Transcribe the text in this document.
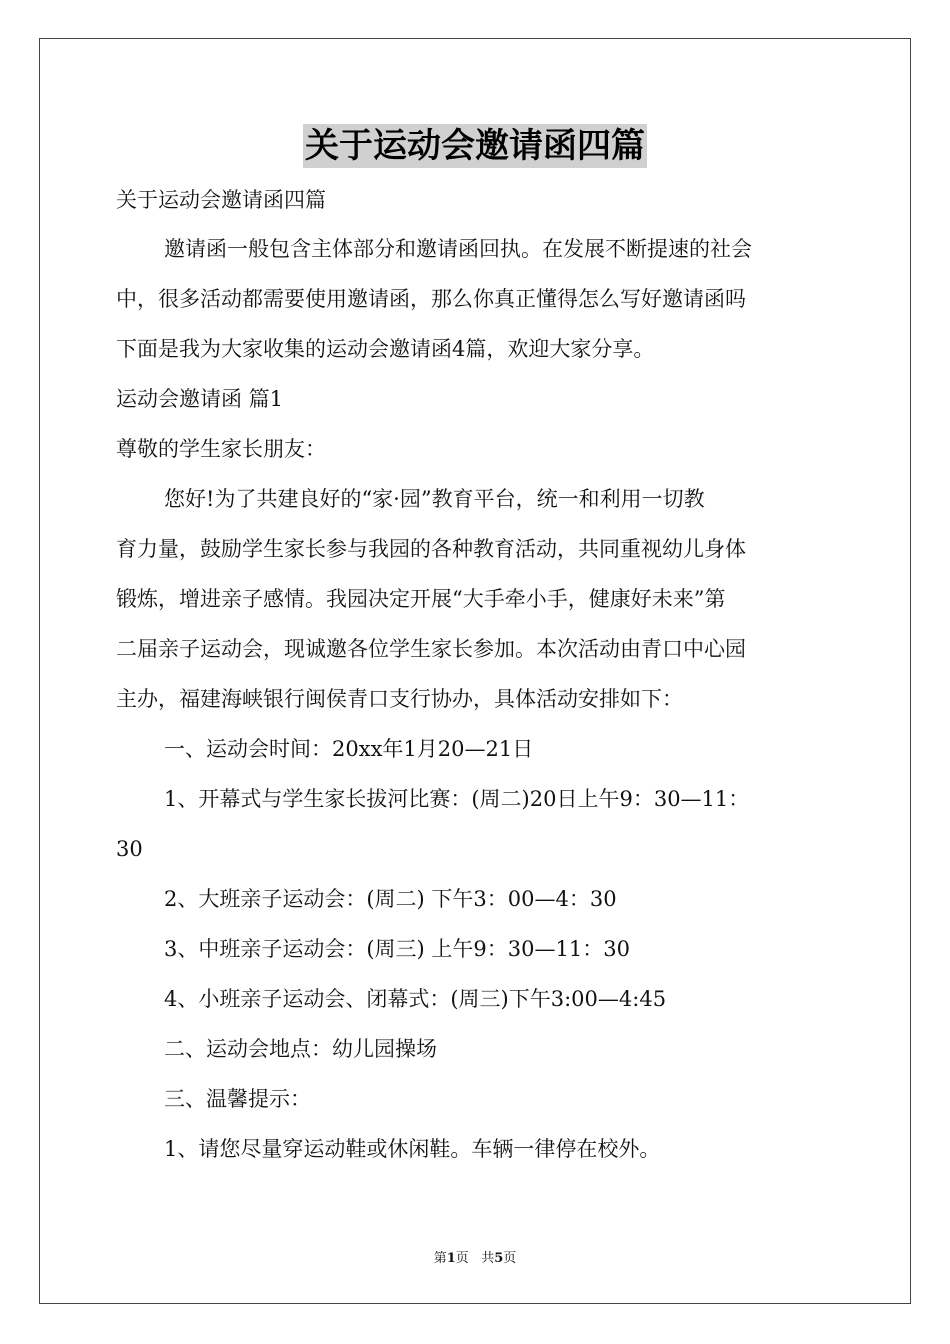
关于运动会邀请函四篇
关于运动会邀请函四篇
邀请函一般包含主体部分和邀请函回执。在发展不断提速的社会
中，很多活动都需要使用邀请函，那么你真正懂得怎么写好邀请函吗
下面是我为大家收集的运动会邀请函4篇，欢迎大家分享。
运动会邀请函 篇1
尊敬的学生家长朋友：
您好!为了共建良好的“家·园”教育平台，统一和利用一切教
育力量，鼓励学生家长参与我园的各种教育活动，共同重视幼儿身体
锻炼，增进亲子感情。我园决定开展“大手牵小手，健康好未来”第
二届亲子运动会，现诚邀各位学生家长参加。本次活动由青口中心园
主办，福建海峡银行闽侯青口支行协办，具体活动安排如下：
一、运动会时间：20xx年1月20—21日
1、开幕式与学生家长拔河比赛：(周二)20日上午9：30—11：
30
2、大班亲子运动会：(周二) 下午3：00—4：30
3、中班亲子运动会：(周三) 上午9：30—11：30
4、小班亲子运动会、闭幕式：(周三)下午3:00—4:45
二、运动会地点：幼儿园操场
三、温馨提示：
1、请您尽量穿运动鞋或休闲鞋。车辆一律停在校外。
第1页 共5页
